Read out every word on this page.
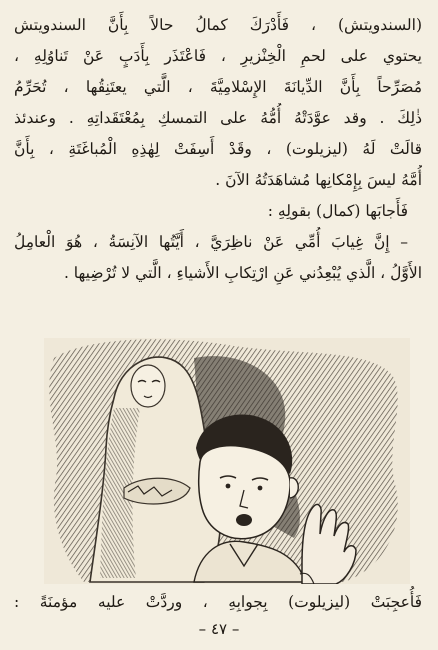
(السندويتش) ، فَأَدْرَكَ كمالُ حالاً بِأَنَّ السندويتش
يحتوي على لحمِ الْخِنْزيرِ ، فَاعْتَذَر بِأَدَبٍ عَنْ تَناوُلِهِ ،
مُصَرِّحاً بِأَنَّ الدِّيانَةَ الإِسْلامِيَّةَ ، الَّتي يعتَنِقُها ، تُحَرِّمُ
ذٰلِكَ . وقد عوَّدَتْهُ أُمُّهُ على التمسكِ بِمُعْتَقَداتِهِ . وعندئذ
قالَتْ لَهُ (ليزيلوت) ، وقَدْ أَسِفَتْ لِهٰذِهِ الْمُباغَتَةِ ، بِأَنَّ
أُمَّهُ ليسَ بِإِمْكانِها مُشاهَدَتُهُ الآنَ .
فَأَجابَها (كمال) بقولِهِ :
– إِنَّ غِيابَ أُمِّي عَنْ ناظِرَيَّ ، أَيَّتُها الآنِسَةُ ، هُوَ الْعامِلُ
الأَوَّلُ ، الَّذي يُبْعِدُني عَنِ ارْتِكابِ الأَشياءِ ، الَّتي لا تُرْضِيها .
فَأُعجِبَتْ (ليزيلوت) بِجوابِهِ ، وردَّتْ عليه مؤمنَةً :
– ٤٧ –
